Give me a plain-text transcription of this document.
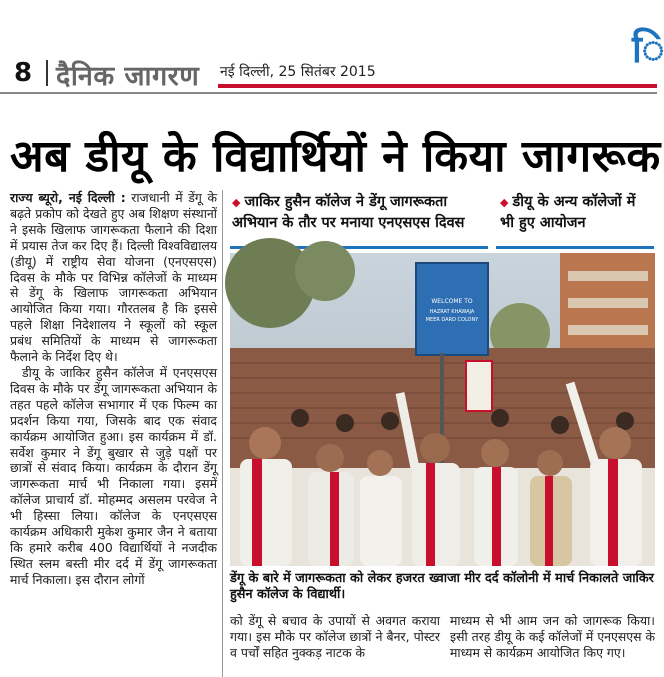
8 दैनिक जागरण नई दिल्ली, 25 सितंबर 2015
ि
अब डीयू के विद्यार्थियों ने किया जागरूक

राज्य ब्यूरो, नई दिल्ली : राजधानी में डेंगू के बढ़ते प्रकोप को देखते हुए अब शिक्षण संस्थानों ने इसके खिलाफ जागरूकता फैलाने की दिशा में प्रयास तेज कर दिए हैं। दिल्ली विश्वविद्यालय (डीयू) में राष्ट्रीय सेवा योजना (एनएसएस) दिवस के मौके पर विभिन्न कॉलेजों के माध्यम से डेंगू के खिलाफ जागरूकता अभियान आयोजित किया गया। गौरतलब है कि इससे पहले शिक्षा निदेशालय ने स्कूलों को स्कूल प्रबंध समितियों के माध्यम से जागरूकता फैलाने के निर्देश दिए थे।

डीयू के जाकिर हुसैन कॉलेज में एनएसएस दिवस के मौके पर डेंगू जागरूकता अभियान के तहत पहले कॉलेज सभागार में एक फिल्म का प्रदर्शन किया गया, जिसके बाद एक संवाद कार्यक्रम आयोजित हुआ। इस कार्यक्रम में डॉ. सर्वेश कुमार ने डेंगू बुखार से जुड़े पक्षों पर छात्रों से संवाद किया। कार्यक्रम के दौरान डेंगू जागरूकता मार्च भी निकाला गया। इसमें कॉलेज प्राचार्य डॉ. मोहम्मद असलम परवेज ने भी हिस्सा लिया। कॉलेज के एनएसएस कार्यक्रम अधिकारी मुकेश कुमार जैन ने बताया कि हमारे करीब 400 विद्यार्थियों ने नजदीक स्थित स्लम बस्ती मीर दर्द में डेंगू जागरूकता मार्च निकाला। इस दौरान लोगों

◆ जाकिर हुसैन कॉलेज ने डेंगू जागरूकता अभियान के तौर पर मनाया एनएसएस दिवस
◆ डीयू के अन्य कॉलेजों में भी हुए आयोजन
WELCOME TO
HAZRAT KHAWAJA
MEER DARD COLONY
डेंगू के बारे में जागरूकता को लेकर हजरत ख्वाजा मीर दर्द कॉलोनी में मार्च निकालते जाकिर हुसैन कॉलेज के विद्यार्थी।

को डेंगू से बचाव के उपायों से अवगत कराया गया। इस मौके पर कॉलेज छात्रों ने बैनर, पोस्टर व पर्चों सहित नुक्कड़ नाटक के

माध्यम से भी आम जन को जागरूक किया। इसी तरह डीयू के कई कॉलेजों में एनएसएस के माध्यम से कार्यक्रम आयोजित किए गए।
